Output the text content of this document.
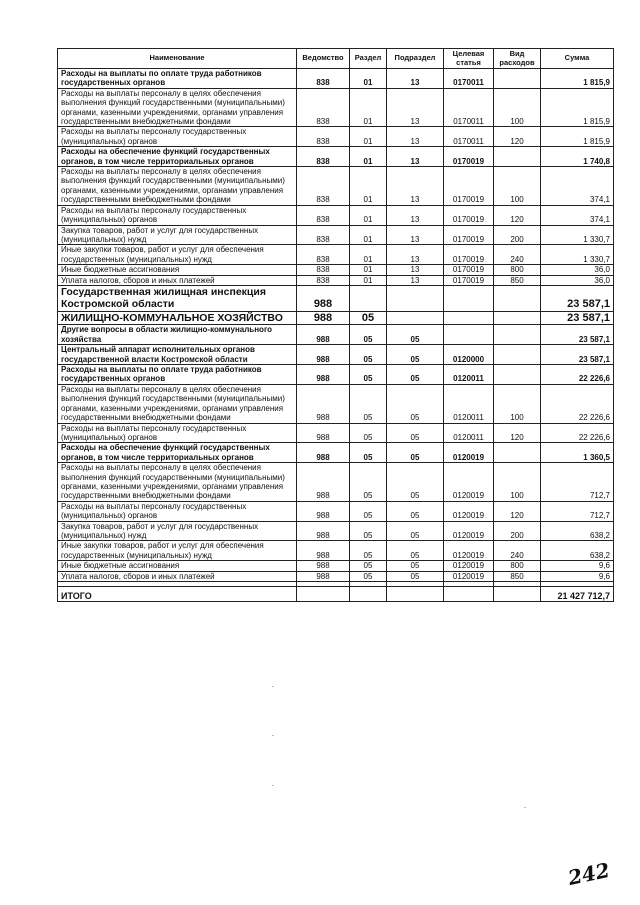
Наименование	Ведомство	Раздел	Подраздел	Целевая статья	Вид расходов	Сумма
Расходы на выплаты по оплате труда работников государственных органов	838	01	13	0170011		1 815,9
Расходы на выплаты персоналу в целях обеспечения выполнения функций государственными (муниципальными) органами, казенными учреждениями, органами управления государственными внебюджетными фондами	838	01	13	0170011	100	1 815,9
Расходы на выплаты персоналу государственных (муниципальных) органов	838	01	13	0170011	120	1 815,9
Расходы на обеспечение функций государственных органов, в том числе территориальных органов	838	01	13	0170019		1 740,8
Расходы на выплаты персоналу в целях обеспечения выполнения функций государственными (муниципальными) органами, казенными учреждениями, органами управления государственными внебюджетными фондами	838	01	13	0170019	100	374,1
Расходы на выплаты персоналу государственных (муниципальных) органов	838	01	13	0170019	120	374,1
Закупка товаров, работ и услуг для государственных (муниципальных) нужд	838	01	13	0170019	200	1 330,7
Иные закупки товаров, работ и услуг для обеспечения государственных (муниципальных) нужд	838	01	13	0170019	240	1 330,7
Иные бюджетные ассигнования	838	01	13	0170019	800	36,0
Уплата налогов, сборов и иных платежей	838	01	13	0170019	850	36,0
Государственная жилищная инспекция Костромской области	988					23 587,1
ЖИЛИЩНО-КОММУНАЛЬНОЕ ХОЗЯЙСТВО	988	05				23 587,1
Другие вопросы в области жилищно-коммунального хозяйства	988	05	05			23 587,1
Центральный аппарат исполнительных органов государственной власти Костромской области	988	05	05	0120000		23 587,1
Расходы на выплаты по оплате труда работников государственных органов	988	05	05	0120011		22 226,6
Расходы на выплаты персоналу в целях обеспечения выполнения функций государственными (муниципальными) органами, казенными учреждениями, органами управления государственными внебюджетными фондами	988	05	05	0120011	100	22 226,6
Расходы на выплаты персоналу государственных (муниципальных) органов	988	05	05	0120011	120	22 226,6
Расходы на обеспечение функций государственных органов, в том числе территориальных органов	988	05	05	0120019		1 360,5
Расходы на выплаты персоналу в целях обеспечения выполнения функций государственными (муниципальными) органами, казенными учреждениями, органами управления государственными внебюджетными фондами	988	05	05	0120019	100	712,7
Расходы на выплаты персоналу государственных (муниципальных) органов	988	05	05	0120019	120	712,7
Закупка товаров, работ и услуг для государственных (муниципальных) нужд	988	05	05	0120019	200	638,2
Иные закупки товаров, работ и услуг для обеспечения государственных (муниципальных) нужд	988	05	05	0120019	240	638,2
Иные бюджетные ассигнования	988	05	05	0120019	800	9,6
Уплата налогов, сборов и иных платежей	988	05	05	0120019	850	9,6

ИТОГО						21 427 712,7
242
